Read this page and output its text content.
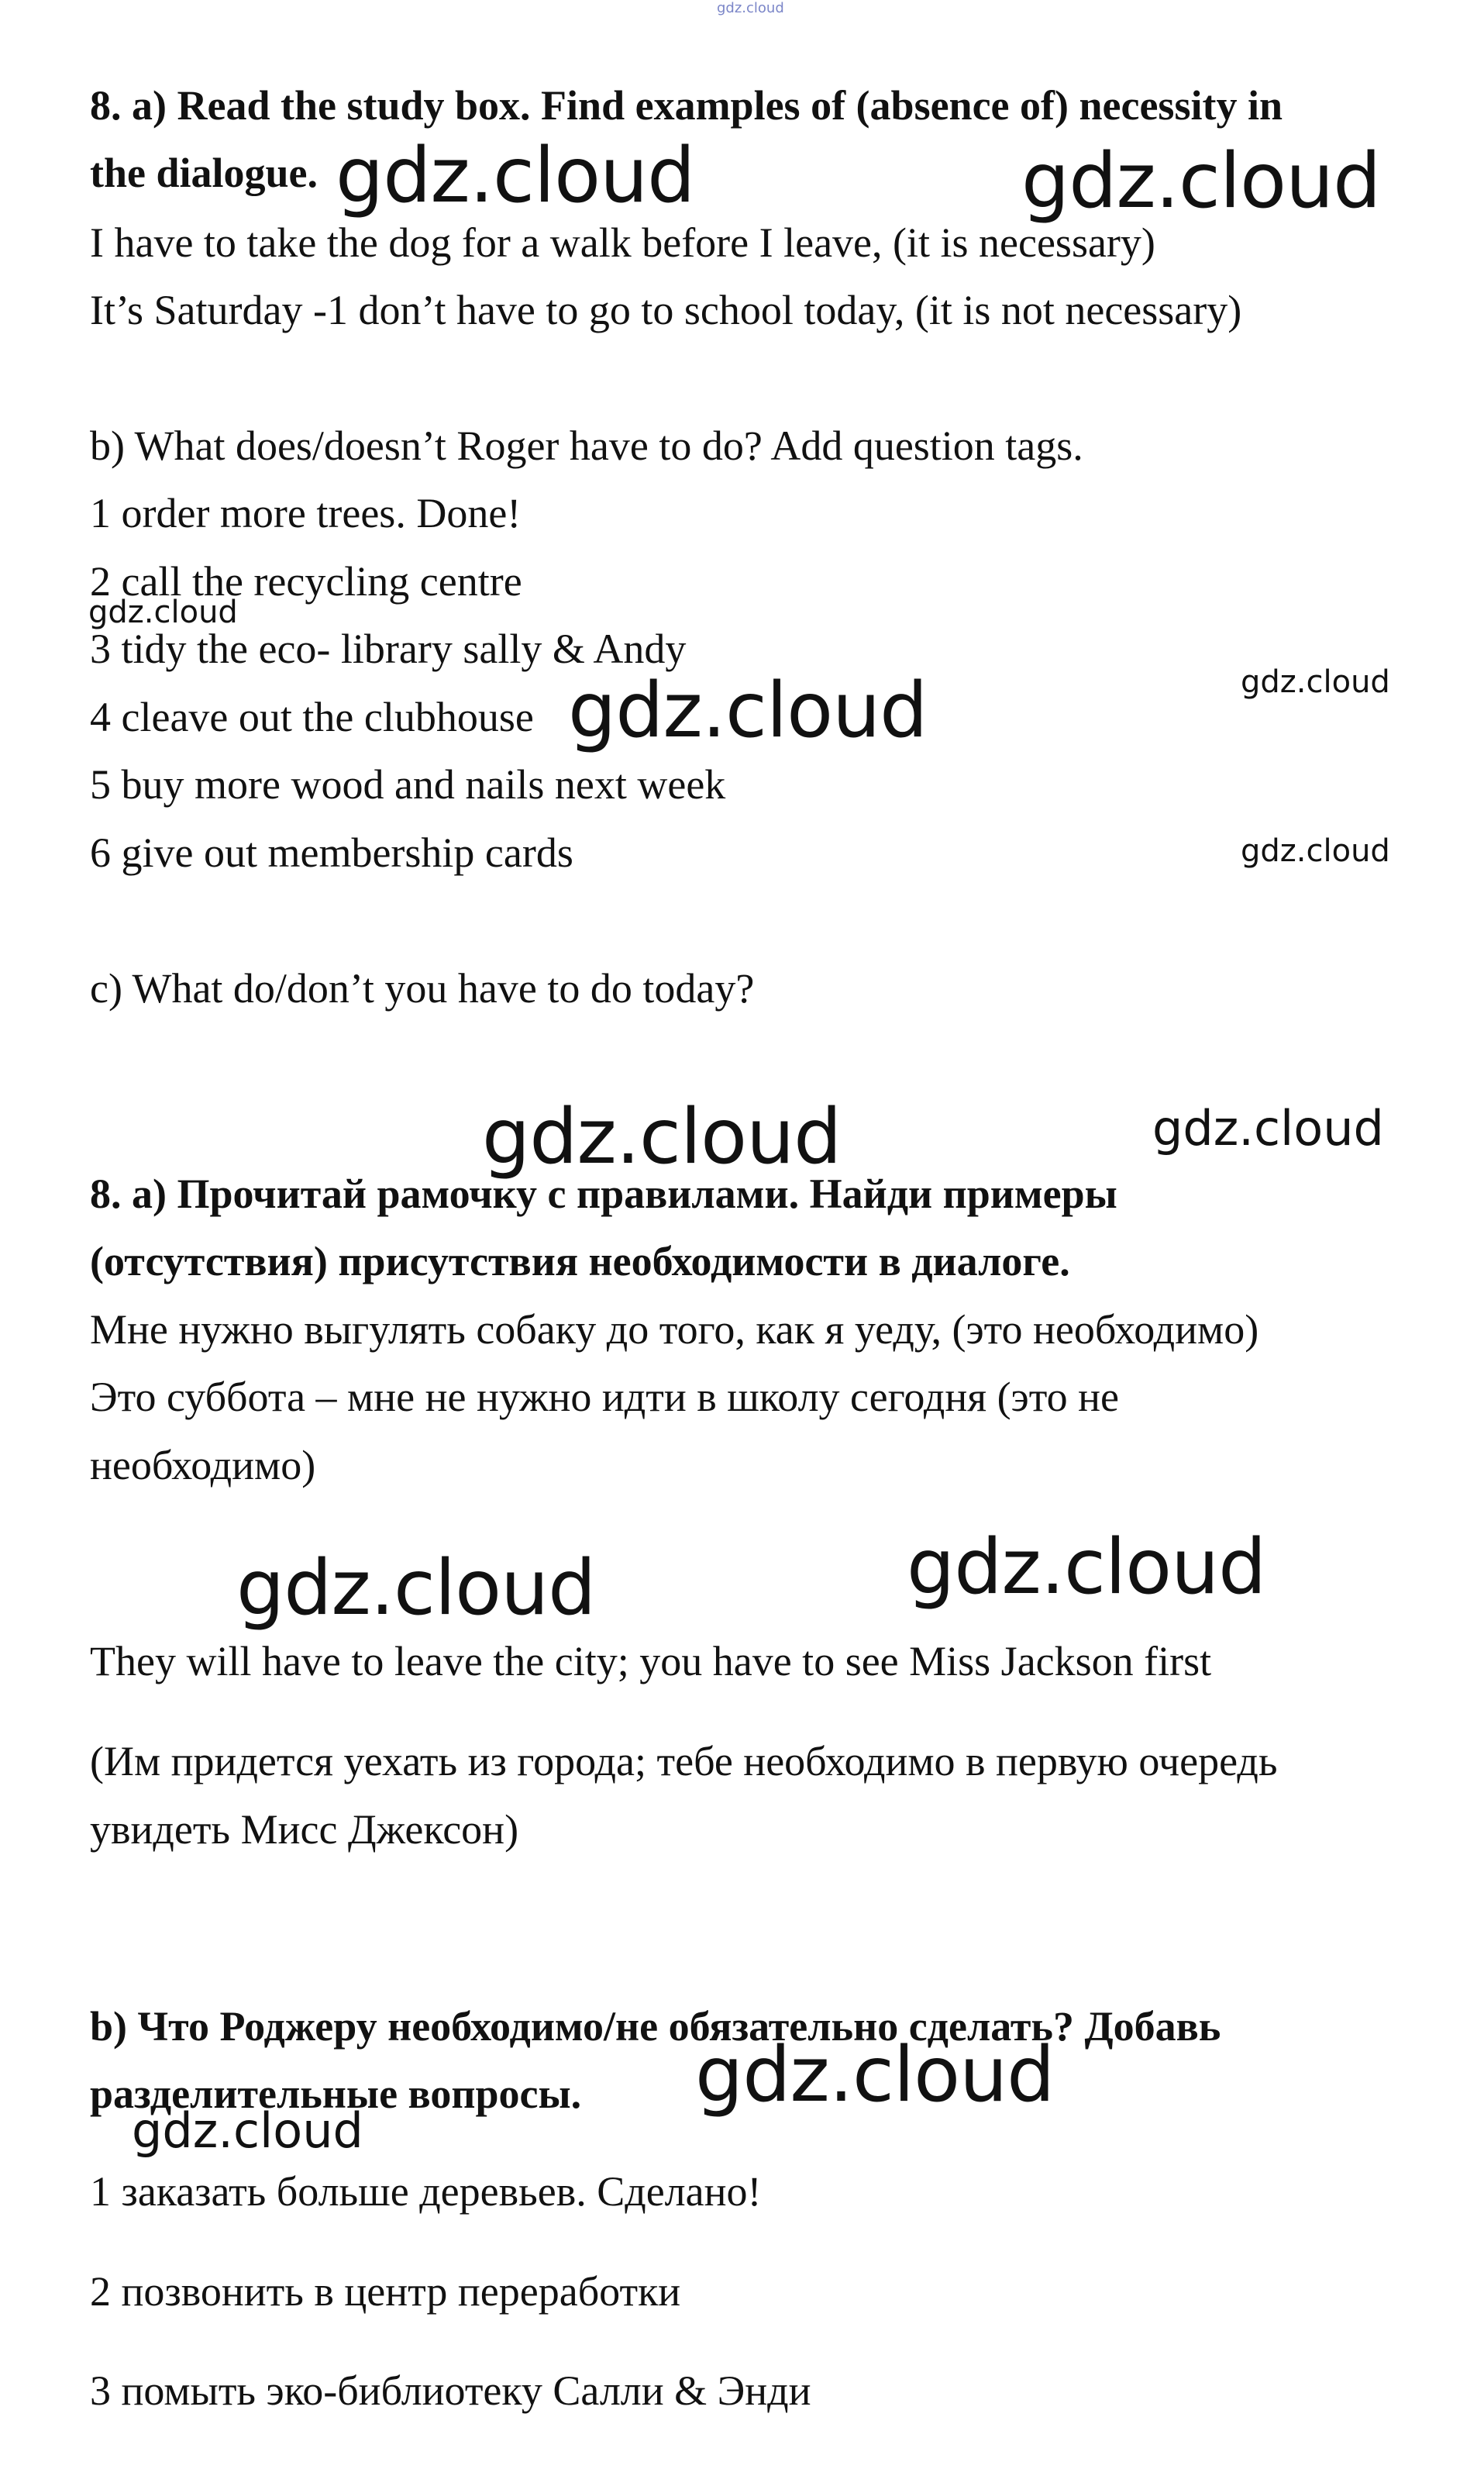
gdz.cloud

8. a) Read the study box. Find examples of (absence of) necessity in

the dialogue.

I have to take the dog for a walk before I leave, (it is necessary)

It’s Saturday -1 don’t have to go to school today, (it is not necessary)

b) What does/doesn’t Roger have to do? Add question tags.

1 order more trees. Done!

2 call the recycling centre

3 tidy the eco- library sally & Andy

4 cleave out the clubhouse

5 buy more wood and nails next week

6 give out membership cards

c) What do/don’t you have to do today?

8. а) Прочитай рамочку с правилами. Найди примеры

(отсутствия) присутствия необходимости в диалоге.

Мне нужно выгулять собаку до того, как я уеду, (это необходимо)

Это суббота – мне не нужно идти в школу сегодня (это не

необходимо)

They will have to leave the city; you have to see Miss Jackson first

(Им придется уехать из города; тебе необходимо в первую очередь

увидеть Мисс Джексон)

b) Что Роджеру необходимо/не обязательно сделать? Добавь

разделительные вопросы.

1 заказать больше деревьев. Сделано!

2 позвонить в центр переработки

3 помыть эко-библиотеку Салли & Энди

gdz.cloud	gdz.cloud
gdz.cloud
gdz.cloud	gdz.cloud
gdz.cloud
gdz.cloud	gdz.cloud
gdz.cloud	gdz.cloud
gdz.cloud
gdz.cloud
